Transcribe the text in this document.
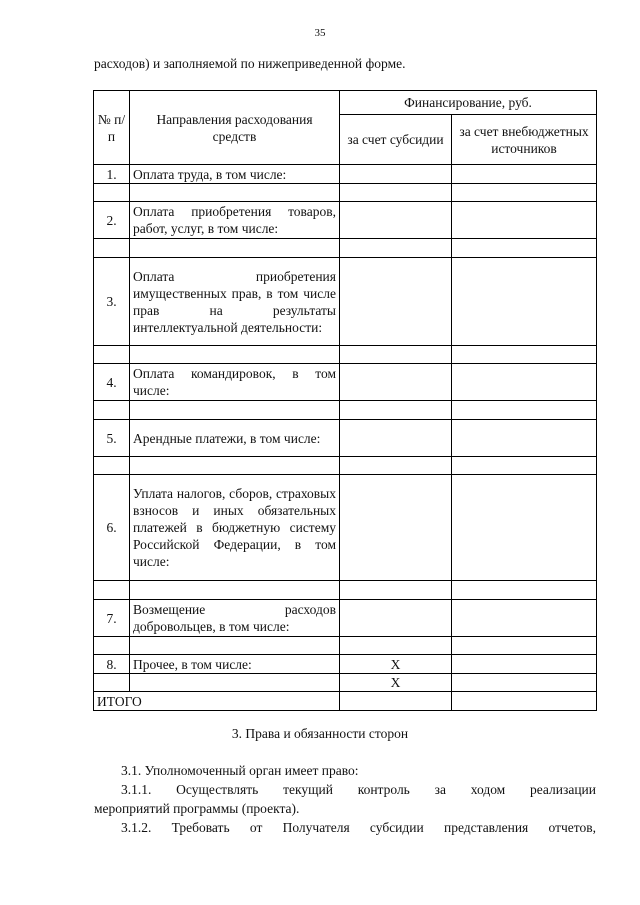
35
расходов) и заполняемой по нижеприведенной форме.
№ п/п	Направления расходования средств	Финансирование, руб.	
		за счет субсидии	за счет внебюджетных источников
1.	Оплата труда, в том числе:		

2.	Оплата приобретения товаров, работ, услуг, в том числе:		

3.	Оплата приобретения имущественных прав, в том числе прав на результаты интеллектуальной деятельности:		

4.	Оплата командировок, в том числе:		

5.	Арендные платежи, в том числе:		

6.	Уплата налогов, сборов, страховых взносов и иных обязательных платежей в бюджетную систему Российской Федерации, в том числе:		

7.	Возмещение расходов добровольцев, в том числе:		

8.	Прочее, в том числе:	Х	
		Х	
ИТОГО			
3. Права и обязанности сторон
3.1. Уполномоченный орган имеет право:
3.1.1. Осуществлять текущий контроль за ходом реализации
мероприятий программы (проекта).
3.1.2. Требовать от Получателя субсидии представления отчетов,
